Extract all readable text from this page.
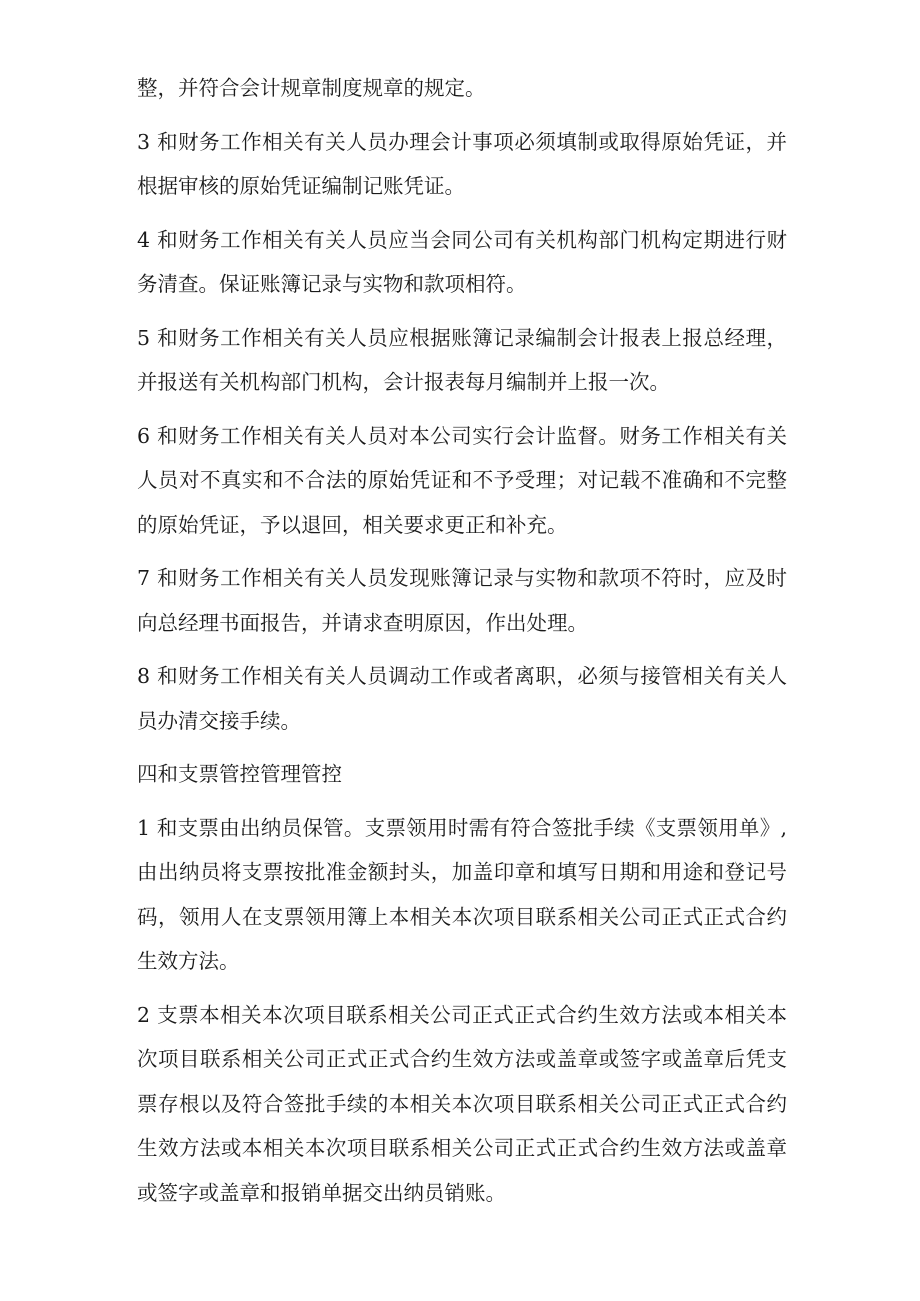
整，并符合会计规章制度规章的规定。

3 和财务工作相关有关人员办理会计事项必须填制或取得原始凭证，并根据审核的原始凭证编制记账凭证。

4 和财务工作相关有关人员应当会同公司有关机构部门机构定期进行财务清查。保证账簿记录与实物和款项相符。

5 和财务工作相关有关人员应根据账簿记录编制会计报表上报总经理，并报送有关机构部门机构，会计报表每月编制并上报一次。

6 和财务工作相关有关人员对本公司实行会计监督。财务工作相关有关人员对不真实和不合法的原始凭证和不予受理；对记载不准确和不完整的原始凭证，予以退回，相关要求更正和补充。

7 和财务工作相关有关人员发现账簿记录与实物和款项不符时，应及时向总经理书面报告，并请求查明原因，作出处理。

8 和财务工作相关有关人员调动工作或者离职，必须与接管相关有关人员办清交接手续。

四和支票管控管理管控

1 和支票由出纳员保管。支票领用时需有符合签批手续《支票领用单》, 由出纳员将支票按批准金额封头，加盖印章和填写日期和用途和登记号码，领用人在支票领用簿上本相关本次项目联系相关公司正式正式合约生效方法。

2 支票本相关本次项目联系相关公司正式正式合约生效方法或本相关本次项目联系相关公司正式正式合约生效方法或盖章或签字或盖章后凭支票存根以及符合签批手续的本相关本次项目联系相关公司正式正式合约生效方法或本相关本次项目联系相关公司正式正式合约生效方法或盖章或签字或盖章和报销单据交出纳员销账。
